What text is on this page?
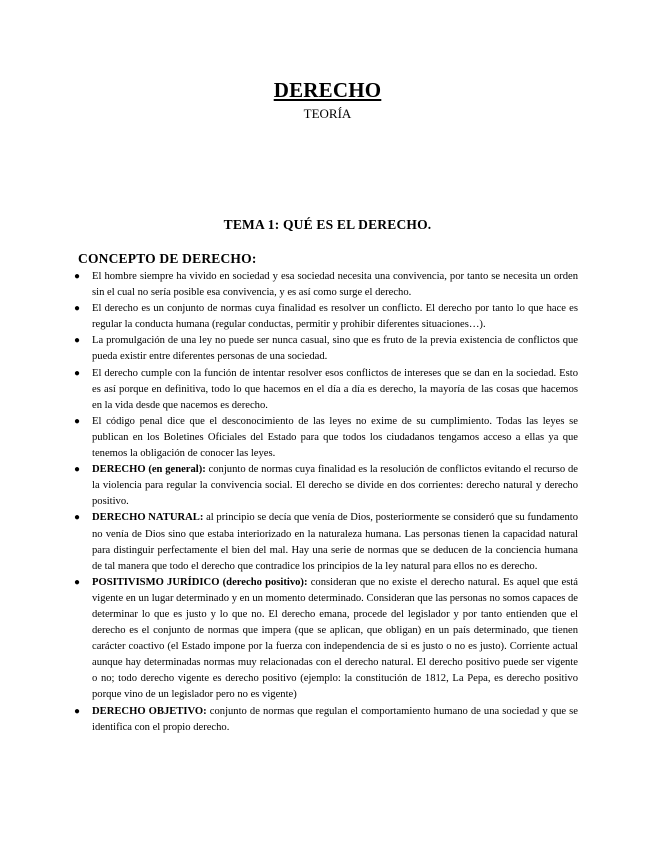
DERECHO
TEORÍA
TEMA 1: QUÉ ES EL DERECHO.
CONCEPTO DE DERECHO:
● El hombre siempre ha vivido en sociedad y esa sociedad necesita una convivencia, por tanto se necesita un orden sin el cual no sería posible esa convivencia, y es así como surge el derecho.
● El derecho es un conjunto de normas cuya finalidad es resolver un conflicto. El derecho por tanto lo que hace es regular la conducta humana (regular conductas, permitir y prohibir diferentes situaciones…).
● La promulgación de una ley no puede ser nunca casual, sino que es fruto de la previa existencia de conflictos que pueda existir entre diferentes personas de una sociedad.
● El derecho cumple con la función de intentar resolver esos conflictos de intereses que se dan en la sociedad. Esto es así porque en definitiva, todo lo que hacemos en el día a día es derecho, la mayoría de las cosas que hacemos en la vida desde que nacemos es derecho.
● El código penal dice que el desconocimiento de las leyes no exime de su cumplimiento. Todas las leyes se publican en los Boletines Oficiales del Estado para que todos los ciudadanos tengamos acceso a ellas ya que tenemos la obligación de conocer las leyes.
● DERECHO (en general): conjunto de normas cuya finalidad es la resolución de conflictos evitando el recurso de la violencia para regular la convivencia social. El derecho se divide en dos corrientes: derecho natural y derecho positivo.
● DERECHO NATURAL: al principio se decía que venía de Dios, posteriormente se consideró que su fundamento no venía de Dios sino que estaba interiorizado en la naturaleza humana. Las personas tienen la capacidad natural para distinguir perfectamente el bien del mal. Hay una serie de normas que se deducen de la conciencia humana de tal manera que todo el derecho que contradice los principios de la ley natural para ellos no es derecho.
● POSITIVISMO JURÍDICO (derecho positivo): consideran que no existe el derecho natural. Es aquel que está vigente en un lugar determinado y en un momento determinado. Consideran que las personas no somos capaces de determinar lo que es justo y lo que no. El derecho emana, procede del legislador y por tanto entienden que el derecho es el conjunto de normas que impera (que se aplican, que obligan) en un país determinado, que tienen carácter coactivo (el Estado impone por la fuerza con independencia de si es justo o no es justo). Corriente actual aunque hay determinadas normas muy relacionadas con el derecho natural. El derecho positivo puede ser vigente o no; todo derecho vigente es derecho positivo (ejemplo: la constitución de 1812, La Pepa, es derecho positivo porque vino de un legislador pero no es vigente)
● DERECHO OBJETIVO: conjunto de normas que regulan el comportamiento humano de una sociedad y que se identifica con el propio derecho.
